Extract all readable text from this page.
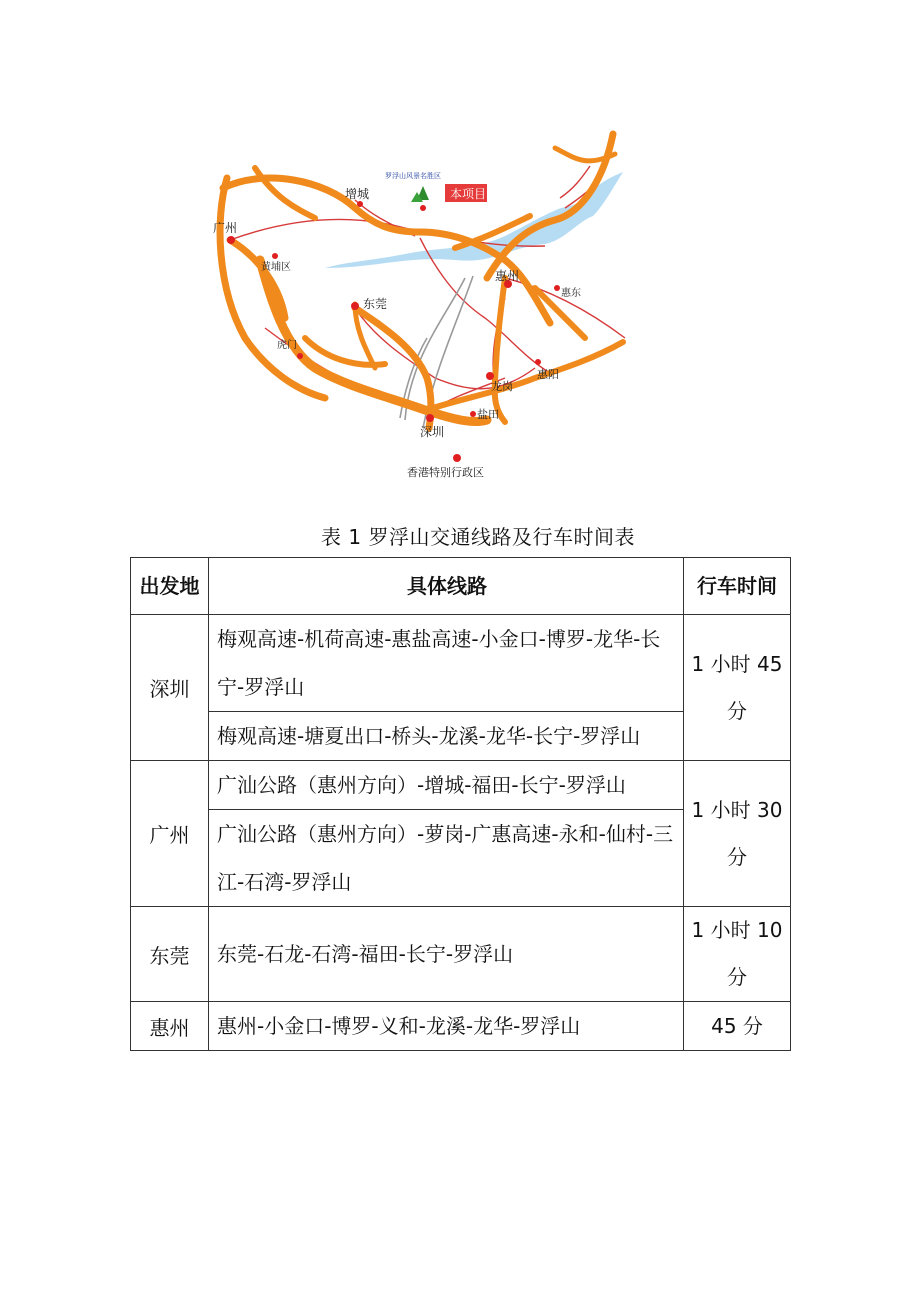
罗浮山风景名胜区
本项目
广州
增城
黄埔区
东莞
虎门
惠州
惠东
惠阳
龙岗
盐田
深圳
香港特别行政区
表 1 罗浮山交通线路及行车时间表
出发地	具体线路	行车时间
深圳	梅观高速-机荷高速-惠盐高速-小金口-博罗-龙华-长宁-罗浮山	1 小时 45 分
	梅观高速-塘夏出口-桥头-龙溪-龙华-长宁-罗浮山	
广州	广汕公路（惠州方向）-增城-福田-长宁-罗浮山	1 小时 30 分
	广汕公路（惠州方向）-萝岗-广惠高速-永和-仙村-三江-石湾-罗浮山	
东莞	东莞-石龙-石湾-福田-长宁-罗浮山	1 小时 10 分
惠州	惠州-小金口-博罗-义和-龙溪-龙华-罗浮山	45 分
